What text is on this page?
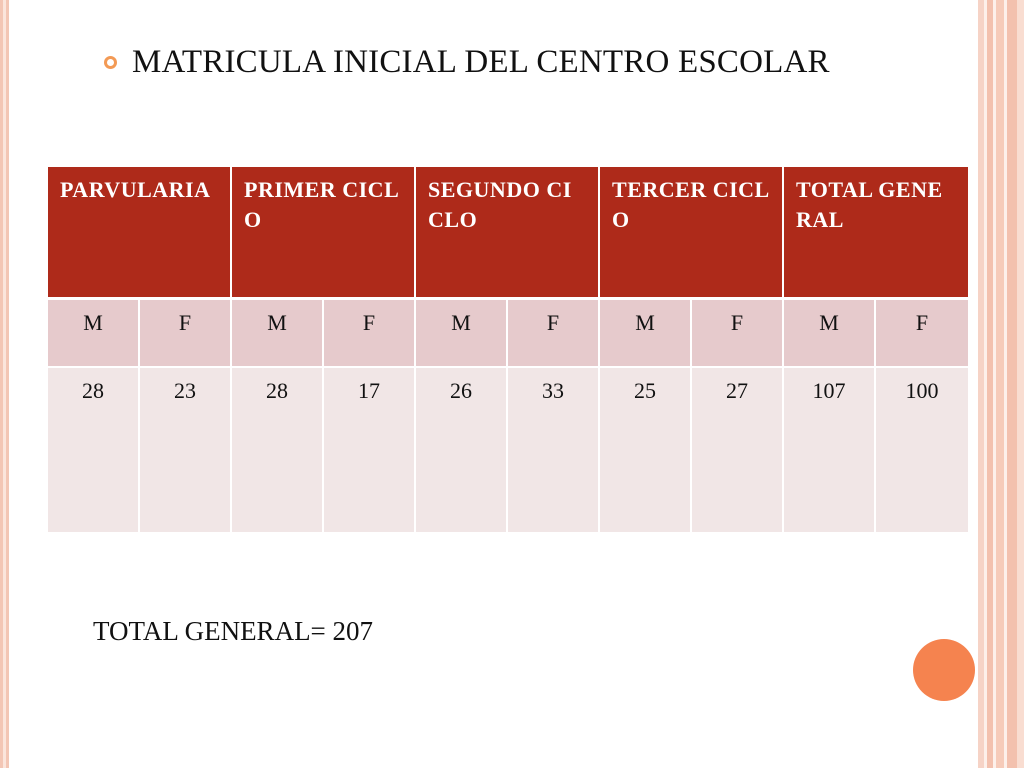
MATRICULA INICIAL DEL CENTRO ESCOLAR
PARVULARIA		PRIMER CICLO		SEGUNDO CICLO		TERCER CICLO		TOTAL GENERAL	
M	F	M	F	M	F	M	F	M	F
28	23	28	17	26	33	25	27	107	100
TOTAL GENERAL= 207
